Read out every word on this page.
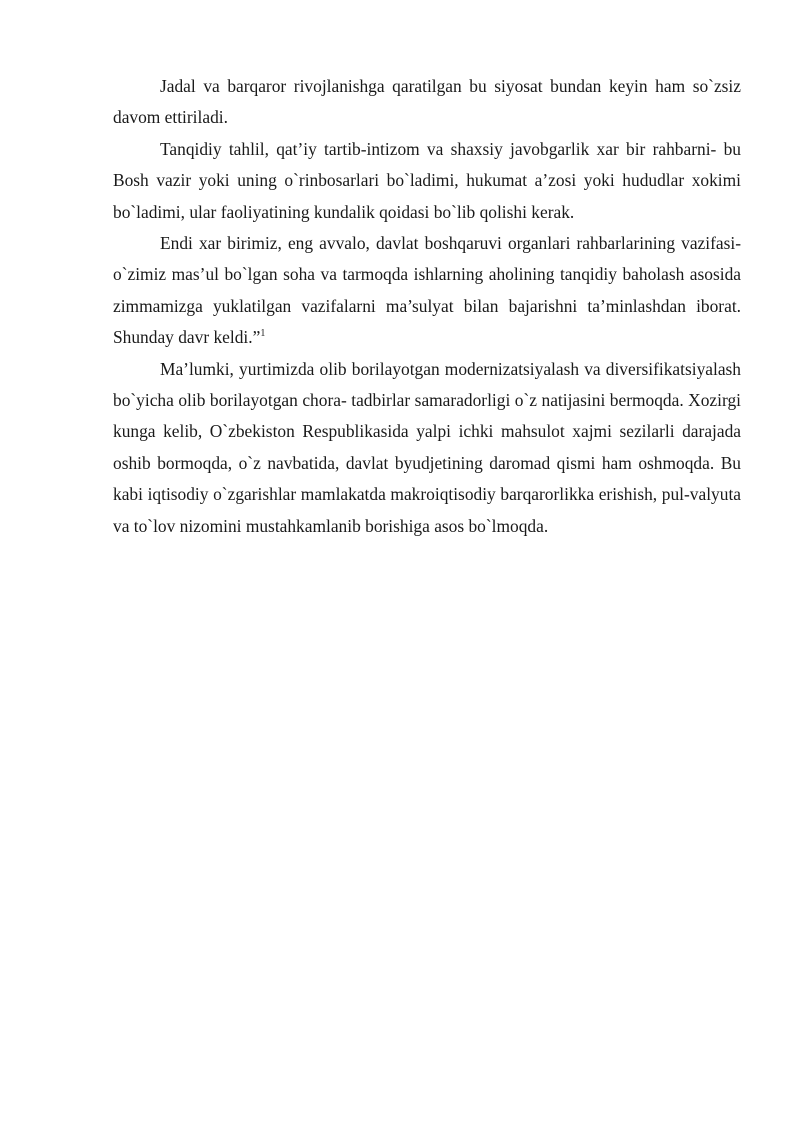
Jadal va barqaror rivojlanishga qaratilgan bu siyosat bundan keyin ham so`zsiz davom ettiriladi.

Tanqidiy tahlil, qat’iy tartib-intizom va shaxsiy javobgarlik xar bir rahbarni- bu Bosh vazir yoki uning o`rinbosarlari bo`ladimi, hukumat a’zosi yoki hududlar xokimi bo`ladimi, ular faoliyatining kundalik qoidasi bo`lib qolishi kerak.

Endi xar birimiz, eng avvalo, davlat boshqaruvi organlari rahbarlarining vazifasi- o`zimiz mas’ul bo`lgan soha va tarmoqda ishlarning aholining tanqidiy baholash asosida zimmamizga yuklatilgan vazifalarni ma’sulyat bilan bajarishni ta’minlashdan iborat. Shunday davr keldi.”$^1$

Ma’lumki, yurtimizda olib borilayotgan modernizatsiyalash va diversifikatsiyalash bo`yicha olib borilayotgan chora- tadbirlar samaradorligi o`z natijasini bermoqda. Xozirgi kunga kelib, O`zbekiston Respublikasida yalpi ichki mahsulot xajmi sezilarli darajada oshib bormoqda, o`z navbatida, davlat byudjetining daromad qismi ham oshmoqda. Bu kabi iqtisodiy o`zgarishlar mamlakatda makroiqtisodiy barqarorlikka erishish, pul-valyuta va to`lov nizomini mustahkamlanib borishiga asos bo`lmoqda.
